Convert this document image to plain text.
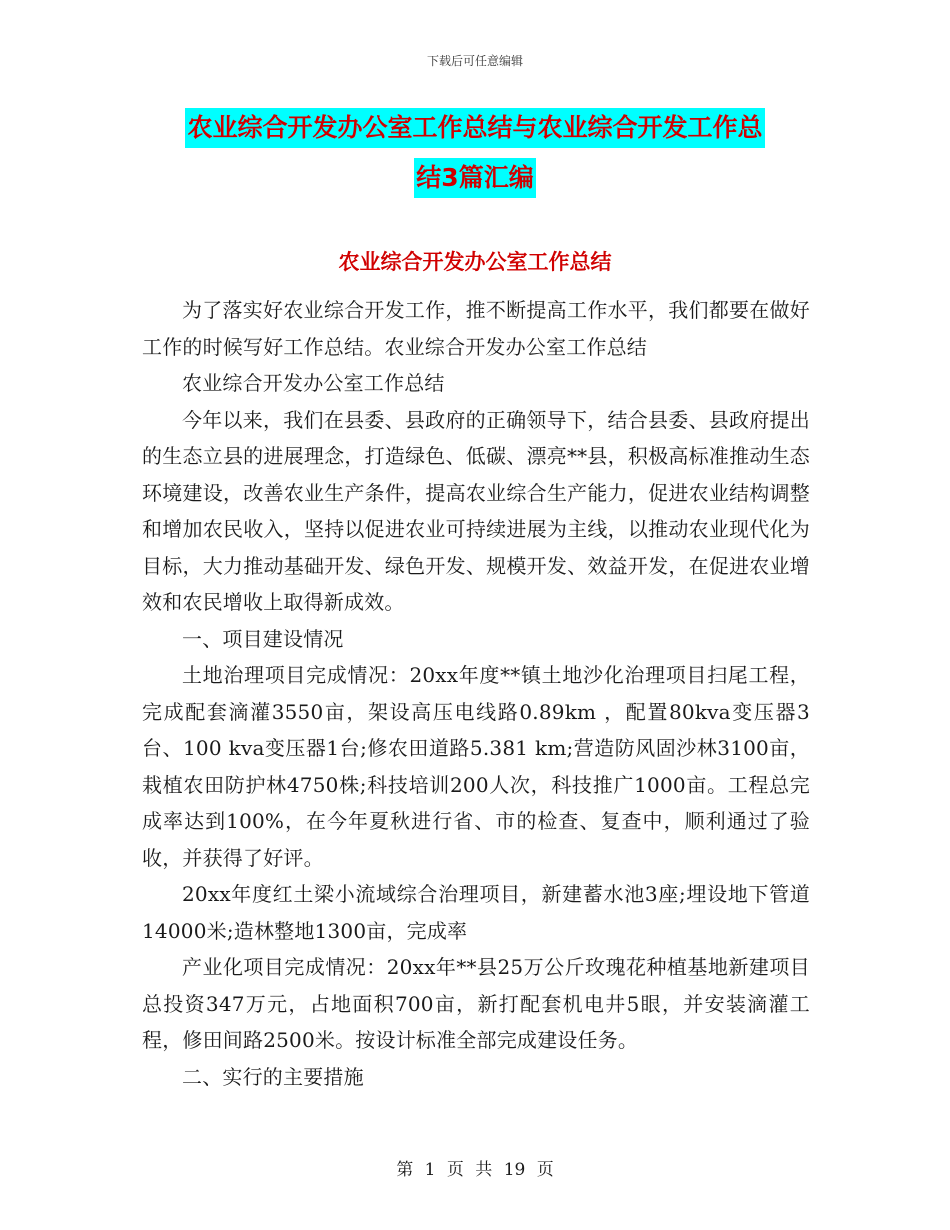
下载后可任意编辑
农业综合开发办公室工作总结与农业综合开发工作总
结3篇汇编
农业综合开发办公室工作总结

为了落实好农业综合开发工作，推不断提高工作水平，我们都要在做好工作的时候写好工作总结。农业综合开发办公室工作总结

农业综合开发办公室工作总结

今年以来，我们在县委、县政府的正确领导下，结合县委、县政府提出的生态立县的进展理念，打造绿色、低碳、漂亮**县，积极高标准推动生态环境建设，改善农业生产条件，提高农业综合生产能力，促进农业结构调整和增加农民收入，坚持以促进农业可持续进展为主线，以推动农业现代化为目标，大力推动基础开发、绿色开发、规模开发、效益开发，在促进农业增效和农民增收上取得新成效。

一、项目建设情况

土地治理项目完成情况：20xx年度**镇土地沙化治理项目扫尾工程，完成配套滴灌3550亩，架设高压电线路0.89km ，配置80kva变压器3台、100 kva变压器1台;修农田道路5.381 km;营造防风固沙林3100亩，栽植农田防护林4750株;科技培训200人次，科技推广1000亩。工程总完成率达到100%，在今年夏秋进行省、市的检查、复查中，顺利通过了验收，并获得了好评。

20xx年度红土梁小流域综合治理项目，新建蓄水池3座;埋设地下管道14000米;造林整地1300亩，完成率

产业化项目完成情况：20xx年**县25万公斤玫瑰花种植基地新建项目总投资347万元，占地面积700亩，新打配套机电井5眼，并安装滴灌工程，修田间路2500米。按设计标准全部完成建设任务。

二、实行的主要措施

第 1 页 共 19 页
